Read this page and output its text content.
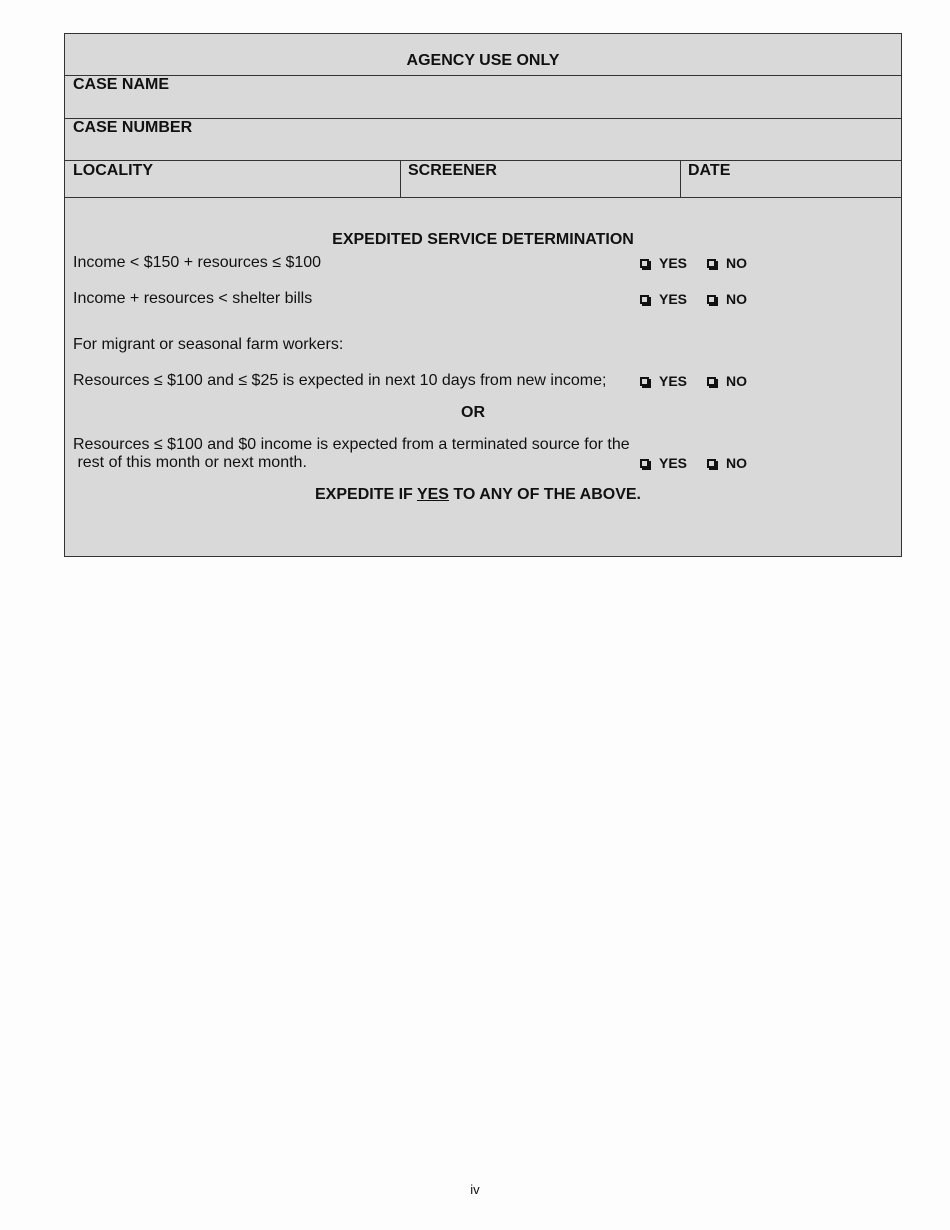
AGENCY USE ONLY
CASE NAME
CASE NUMBER
LOCALITY	SCREENER	DATE
EXPEDITED SERVICE DETERMINATION
Income < $150 + resources ≤ $100	YES	NO
Income + resources < shelter bills	YES	NO
For migrant or seasonal farm workers:
Resources ≤ $100 and ≤ $25 is expected in next 10 days from new income;	YES	NO
OR
Resources ≤ $100 and $0 income is expected from a terminated source for the
rest of this month or next month.	YES	NO
EXPEDITE IF YES TO ANY OF THE ABOVE.
iv
